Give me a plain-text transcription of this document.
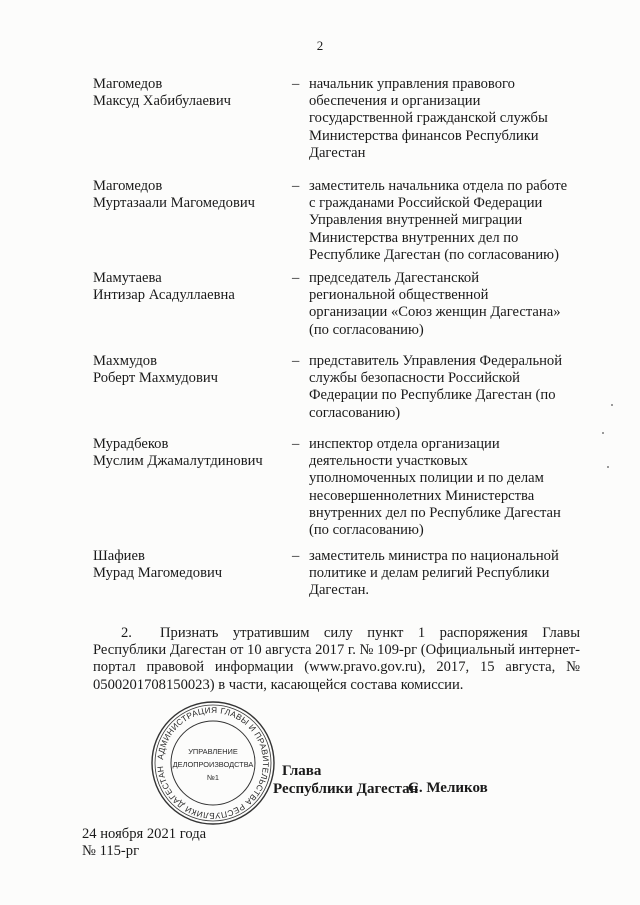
2
Магомедов
Максуд Хабибулаевич
– начальник управления правового
обеспечения и организации
государственной гражданской службы
Министерства финансов Республики
Дагестан
Магомедов
Муртазаали Магомедович
– заместитель начальника отдела по работе
с гражданами Российской Федерации
Управления внутренней миграции
Министерства внутренних дел по
Республике Дагестан (по согласованию)
Мамутаева
Интизар Асадуллаевна
– председатель Дагестанской
региональной общественной
организации «Союз женщин Дагестана»
(по согласованию)
Махмудов
Роберт Махмудович
– представитель Управления Федеральной
службы безопасности Российской
Федерации по Республике Дагестан (по
согласованию)
Мурадбеков
Муслим Джамалутдинович
– инспектор отдела организации
деятельности участковых
уполномоченных полиции и по делам
несовершеннолетних Министерства
внутренних дел по Республике Дагестан
(по согласованию)
Шафиев
Мурад Магомедович
– заместитель министра по национальной
политике и делам религий Республики
Дагестан.
2. Признать утратившим силу пункт 1 распоряжения Главы Республики Дагестан от 10 августа 2017 г. № 109-рг (Официальный интернет-портал правовой информации (www.pravo.gov.ru), 2017, 15 августа, № 0500201708150023) в части, касающейся состава комиссии.
АДМИНИСТРАЦИЯ ГЛАВЫ И ПРАВИТЕЛЬСТВА РЕСПУБЛИКИ ДАГЕСТАН
УПРАВЛЕНИЕ
ДЕЛОПРОИЗВОДСТВА
№1	Глава
Республики Дагестан
С. Меликов
24 ноября 2021 года
№ 115-рг
